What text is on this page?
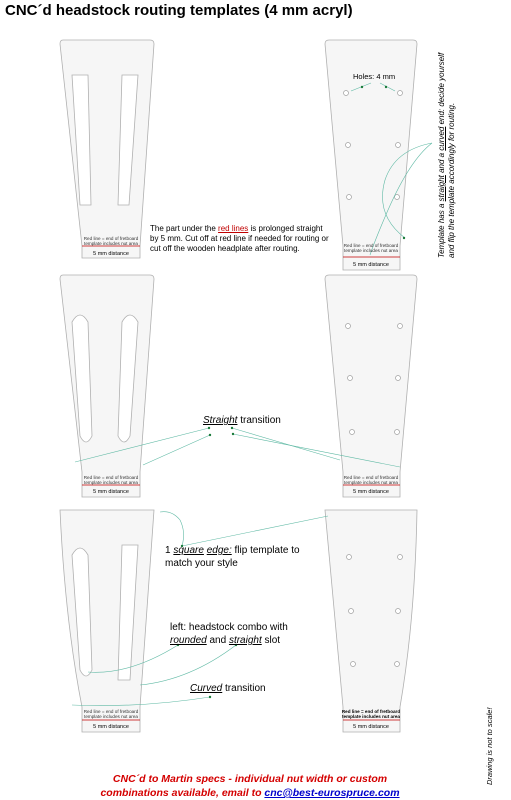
CNC´d headstock routing templates (4 mm acryl)
Red line = end of fretboard
template includes nut area
5 mm distance
Holes: 4 mm
Red line = end of fretboard
template includes nut area
5 mm distance
The part under the red lines is prolonged straight
by 5 mm. Cut off at red line if needed for routing or
cut off the wooden headplate after routing.	Template has a straight and a curved end: decide yourself
and flip the template accordingly for routing.
Red line = end of fretboard
template includes nut area
5 mm distance
Red line = end of fretboard
template includes nut area
5 mm distance
Straight transition
1 square edge: flip template to
match your style
left: headstock combo with
rounded and straight slot
Curved transition
Red line = end of fretboard
template includes nut area
5 mm distance
Red line = end of fretboard
template includes nut area
5 mm distance	Drawing is not to scale!
CNC´d to Martin specs - individual nut width or custom
combinations available, email to cnc@best-eurospruce.com
